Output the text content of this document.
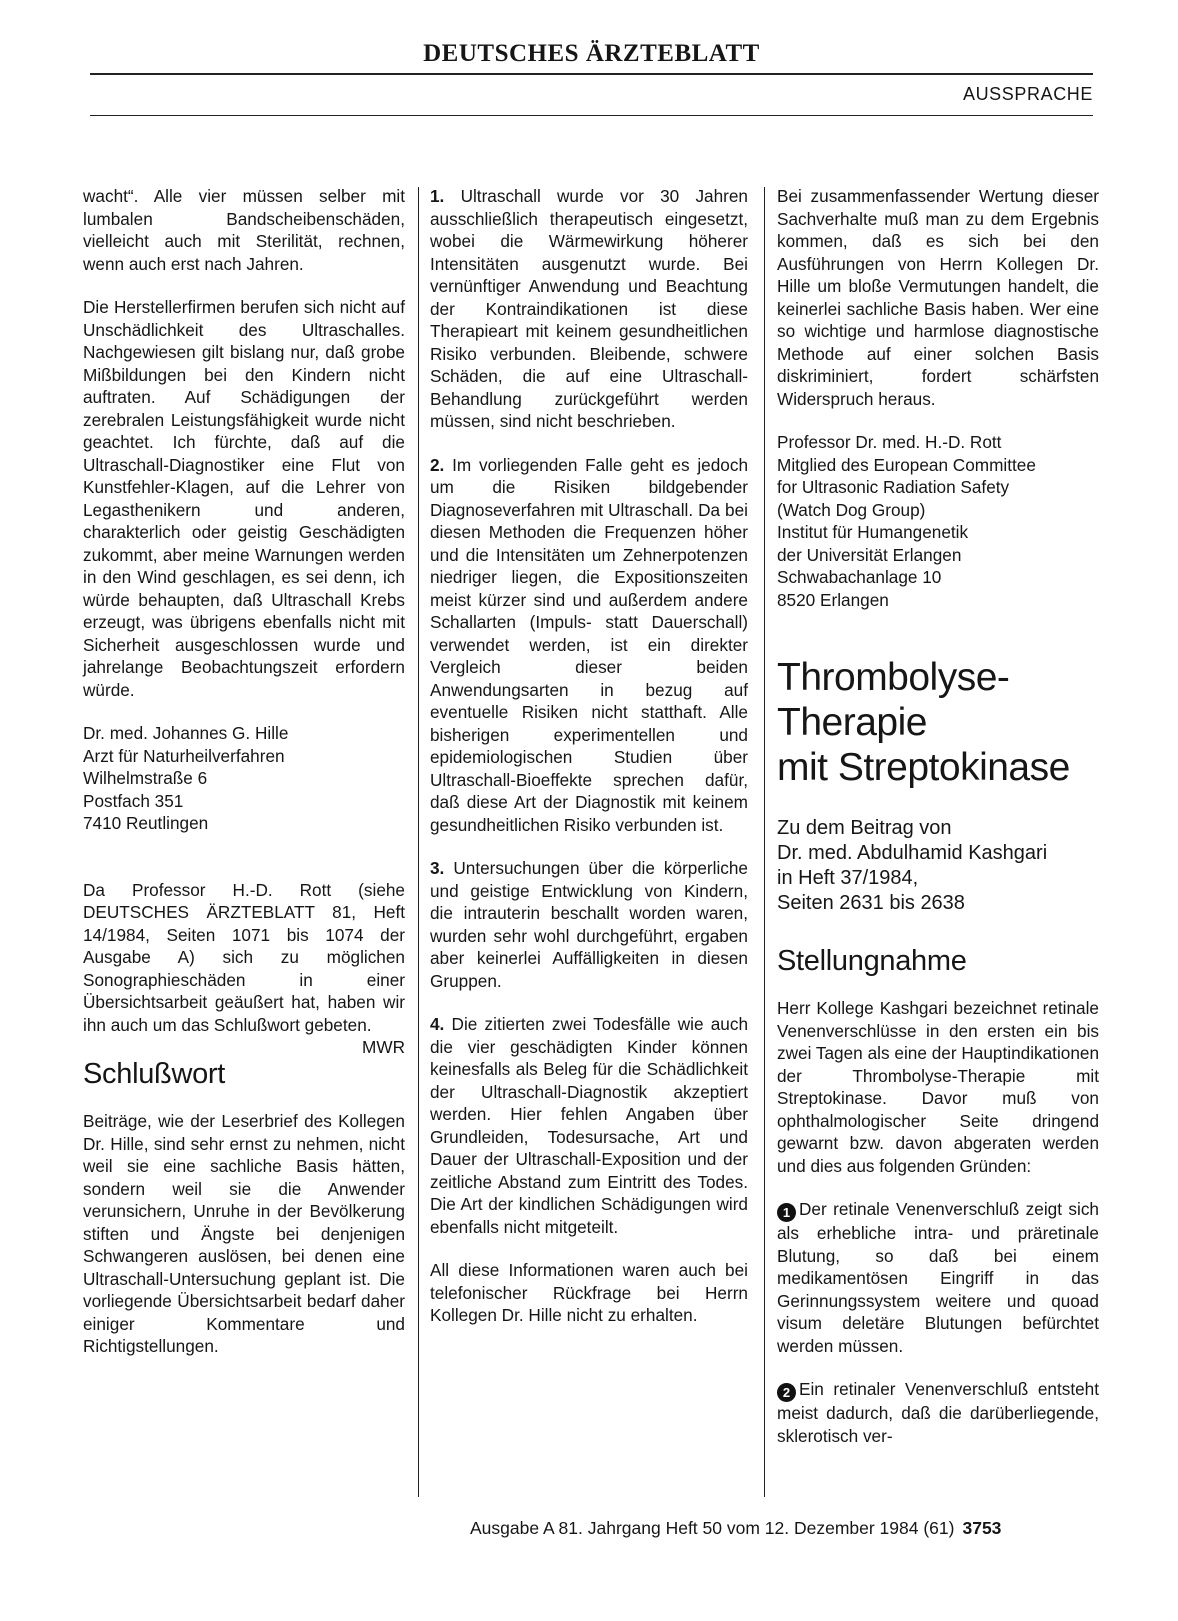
DEUTSCHES ÄRZTEBLATT
AUSSPRACHE
wacht“. Alle vier müssen selber mit lumbalen Bandscheibenschäden, vielleicht auch mit Sterilität, rechnen, wenn auch erst nach Jahren.
Die Herstellerfirmen berufen sich nicht auf Unschädlichkeit des Ultraschalles. Nachgewiesen gilt bislang nur, daß grobe Mißbildungen bei den Kindern nicht auftraten. Auf Schädigungen der zerebralen Leistungsfähigkeit wurde nicht geachtet. Ich fürchte, daß auf die Ultraschall-Diagnostiker eine Flut von Kunstfehler-Klagen, auf die Lehrer von Legasthenikern und anderen, charakterlich oder geistig Geschädigten zukommt, aber meine Warnungen werden in den Wind geschlagen, es sei denn, ich würde behaupten, daß Ultraschall Krebs erzeugt, was übrigens ebenfalls nicht mit Sicherheit ausgeschlossen wurde und jahrelange Beobachtungszeit erfordern würde.
Dr. med. Johannes G. Hille
Arzt für Naturheilverfahren
Wilhelmstraße 6
Postfach 351
7410 Reutlingen
Da Professor H.-D. Rott (siehe DEUTSCHES ÄRZTEBLATT 81, Heft 14/1984, Seiten 1071 bis 1074 der Ausgabe A) sich zu möglichen Sonographieschäden in einer Übersichtsarbeit geäußert hat, haben wir ihn auch um das Schlußwort gebeten.
MWR
Schlußwort
Beiträge, wie der Leserbrief des Kollegen Dr. Hille, sind sehr ernst zu nehmen, nicht weil sie eine sachliche Basis hätten, sondern weil sie die Anwender verunsichern, Unruhe in der Bevölkerung stiften und Ängste bei denjenigen Schwangeren auslösen, bei denen eine Ultraschall-Untersuchung geplant ist. Die vorliegende Übersichtsarbeit bedarf daher einiger Kommentare und Richtigstellungen.
1. Ultraschall wurde vor 30 Jahren ausschließlich therapeutisch eingesetzt, wobei die Wärmewirkung höherer Intensitäten ausgenutzt wurde. Bei vernünftiger Anwendung und Beachtung der Kontraindikationen ist diese Therapieart mit keinem gesundheitlichen Risiko verbunden. Bleibende, schwere Schäden, die auf eine Ultraschall-Behandlung zurückgeführt werden müssen, sind nicht beschrieben.
2. Im vorliegenden Falle geht es jedoch um die Risiken bildgebender Diagnoseverfahren mit Ultraschall. Da bei diesen Methoden die Frequenzen höher und die Intensitäten um Zehnerpotenzen niedriger liegen, die Expositionszeiten meist kürzer sind und außerdem andere Schallarten (Impuls- statt Dauerschall) verwendet werden, ist ein direkter Vergleich dieser beiden Anwendungsarten in bezug auf eventuelle Risiken nicht statthaft. Alle bisherigen experimentellen und epidemiologischen Studien über Ultraschall-Bioeffekte sprechen dafür, daß diese Art der Diagnostik mit keinem gesundheitlichen Risiko verbunden ist.
3. Untersuchungen über die körperliche und geistige Entwicklung von Kindern, die intrauterin beschallt worden waren, wurden sehr wohl durchgeführt, ergaben aber keinerlei Auffälligkeiten in diesen Gruppen.
4. Die zitierten zwei Todesfälle wie auch die vier geschädigten Kinder können keinesfalls als Beleg für die Schädlichkeit der Ultraschall-Diagnostik akzeptiert werden. Hier fehlen Angaben über Grundleiden, Todesursache, Art und Dauer der Ultraschall-Exposition und der zeitliche Abstand zum Eintritt des Todes. Die Art der kindlichen Schädigungen wird ebenfalls nicht mitgeteilt.
All diese Informationen waren auch bei telefonischer Rückfrage bei Herrn Kollegen Dr. Hille nicht zu erhalten.
Bei zusammenfassender Wertung dieser Sachverhalte muß man zu dem Ergebnis kommen, daß es sich bei den Ausführungen von Herrn Kollegen Dr. Hille um bloße Vermutungen handelt, die keinerlei sachliche Basis haben. Wer eine so wichtige und harmlose diagnostische Methode auf einer solchen Basis diskriminiert, fordert schärfsten Widerspruch heraus.
Professor Dr. med. H.-D. Rott
Mitglied des European Committee
for Ultrasonic Radiation Safety
(Watch Dog Group)
Institut für Humangenetik
der Universität Erlangen
Schwabachanlage 10
8520 Erlangen
Thrombolyse-
Therapie
mit Streptokinase
Zu dem Beitrag von
Dr. med. Abdulhamid Kashgari
in Heft 37/1984,
Seiten 2631 bis 2638
Stellungnahme
Herr Kollege Kashgari bezeichnet retinale Venenverschlüsse in den ersten ein bis zwei Tagen als eine der Hauptindikationen der Thrombolyse-Therapie mit Streptokinase. Davor muß von ophthalmologischer Seite dringend gewarnt bzw. davon abgeraten werden und dies aus folgenden Gründen:
1 Der retinale Venenverschluß zeigt sich als erhebliche intra- und präretinale Blutung, so daß bei einem medikamentösen Eingriff in das Gerinnungssystem weitere und quoad visum deletäre Blutungen befürchtet werden müssen.
2 Ein retinaler Venenverschluß entsteht meist dadurch, daß die darüberliegende, sklerotisch ver-
Ausgabe A 81. Jahrgang Heft 50 vom 12. Dezember 1984 (61) 3753
